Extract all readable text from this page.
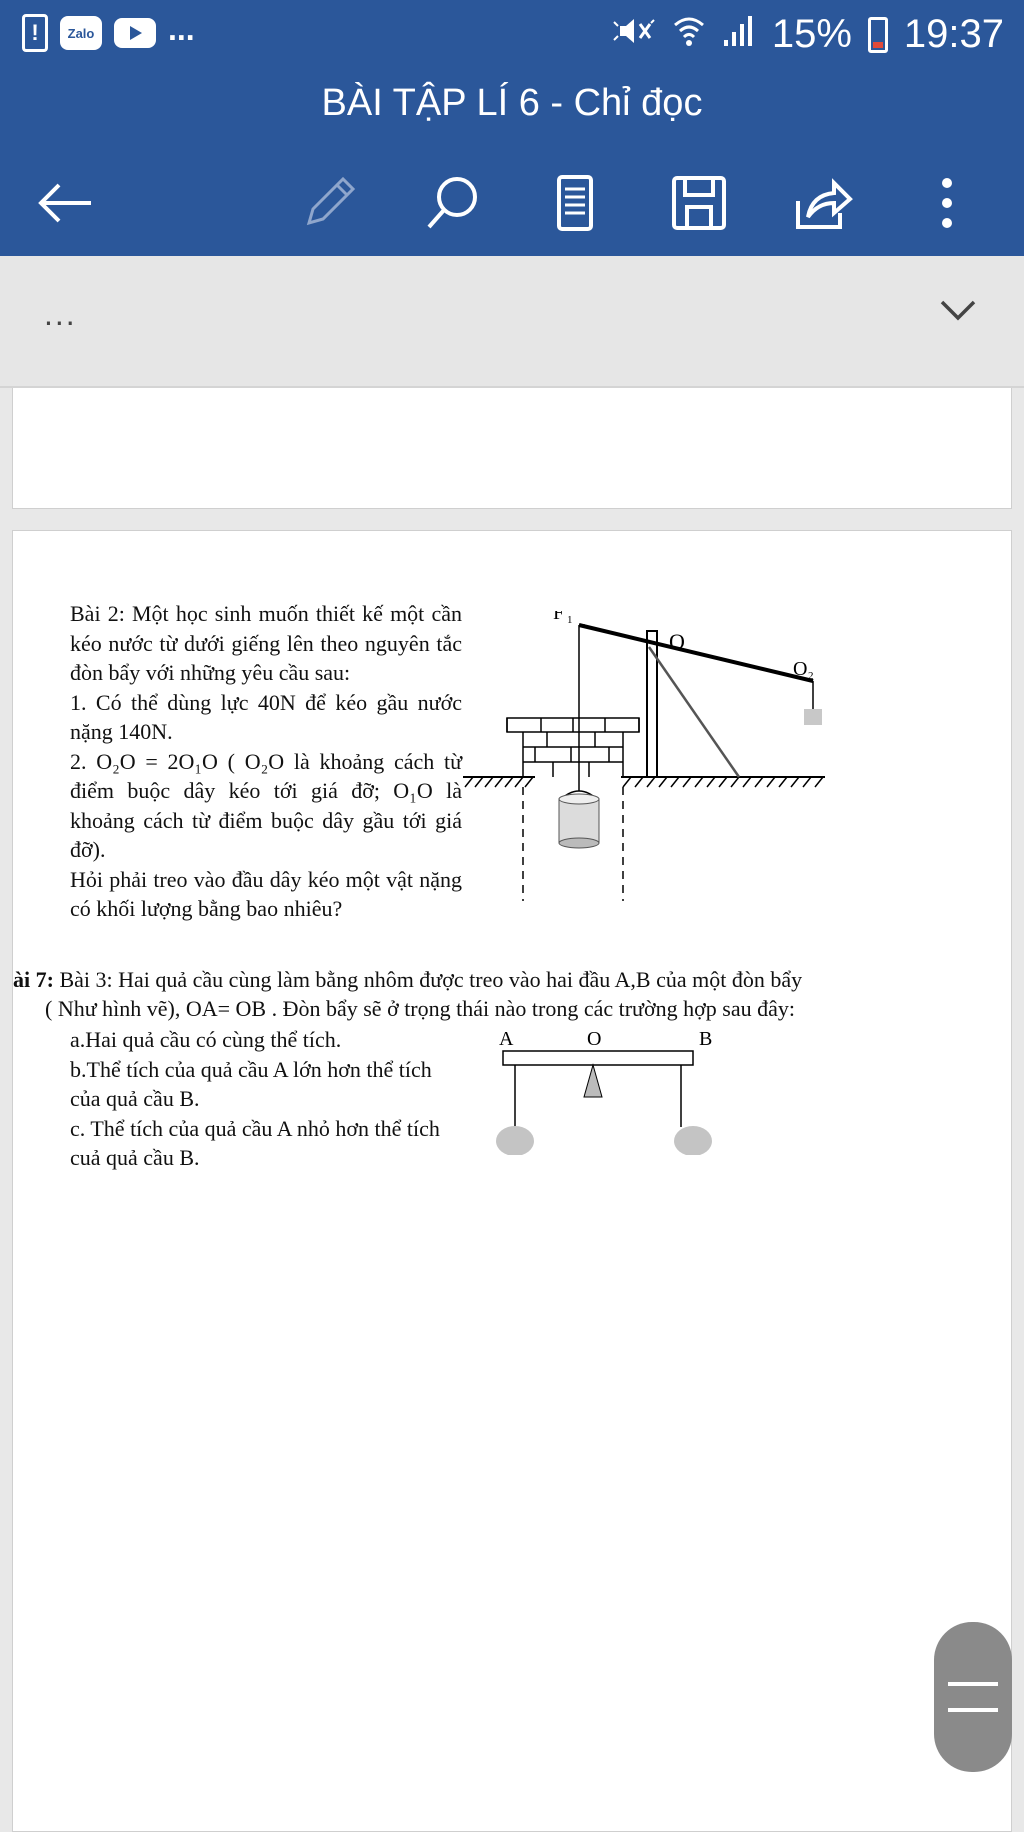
!	Zalo ...	15% 19:37
BÀI TẬP LÍ 6 - Chỉ đọc
...

Bài 2: Một học sinh muốn thiết kế một cần kéo nước từ dưới giếng lên theo nguyên tắc đòn bẩy với những yêu cầu sau:

1. Có thể dùng lực 40N để kéo gầu nước nặng 140N.

2. O₂O = 2O₁O ( O₂O là khoảng cách từ điểm buộc dây kéo tới giá đỡ; O₁O là khoảng cách từ điểm buộc dây gầu tới giá đỡ).

Hỏi phải treo vào đầu dây kéo một vật nặng có khối lượng bằng bao nhiêu?

F 1
O
O 2
ài 7: Bài 3: Hai quả cầu cùng làm bằng nhôm được treo vào hai đầu A,B của một đòn bẩy
( Như hình vẽ), OA= OB . Đòn bẩy sẽ ở trọng thái nào trong các trường hợp sau đây:

a.Hai quả cầu có cùng thể tích.

b.Thể tích của quả cầu A lớn hơn thể tích của quả cầu B.

c. Thể tích của quả cầu A nhỏ hơn thể tích cuả quả cầu B.

A	O	B
